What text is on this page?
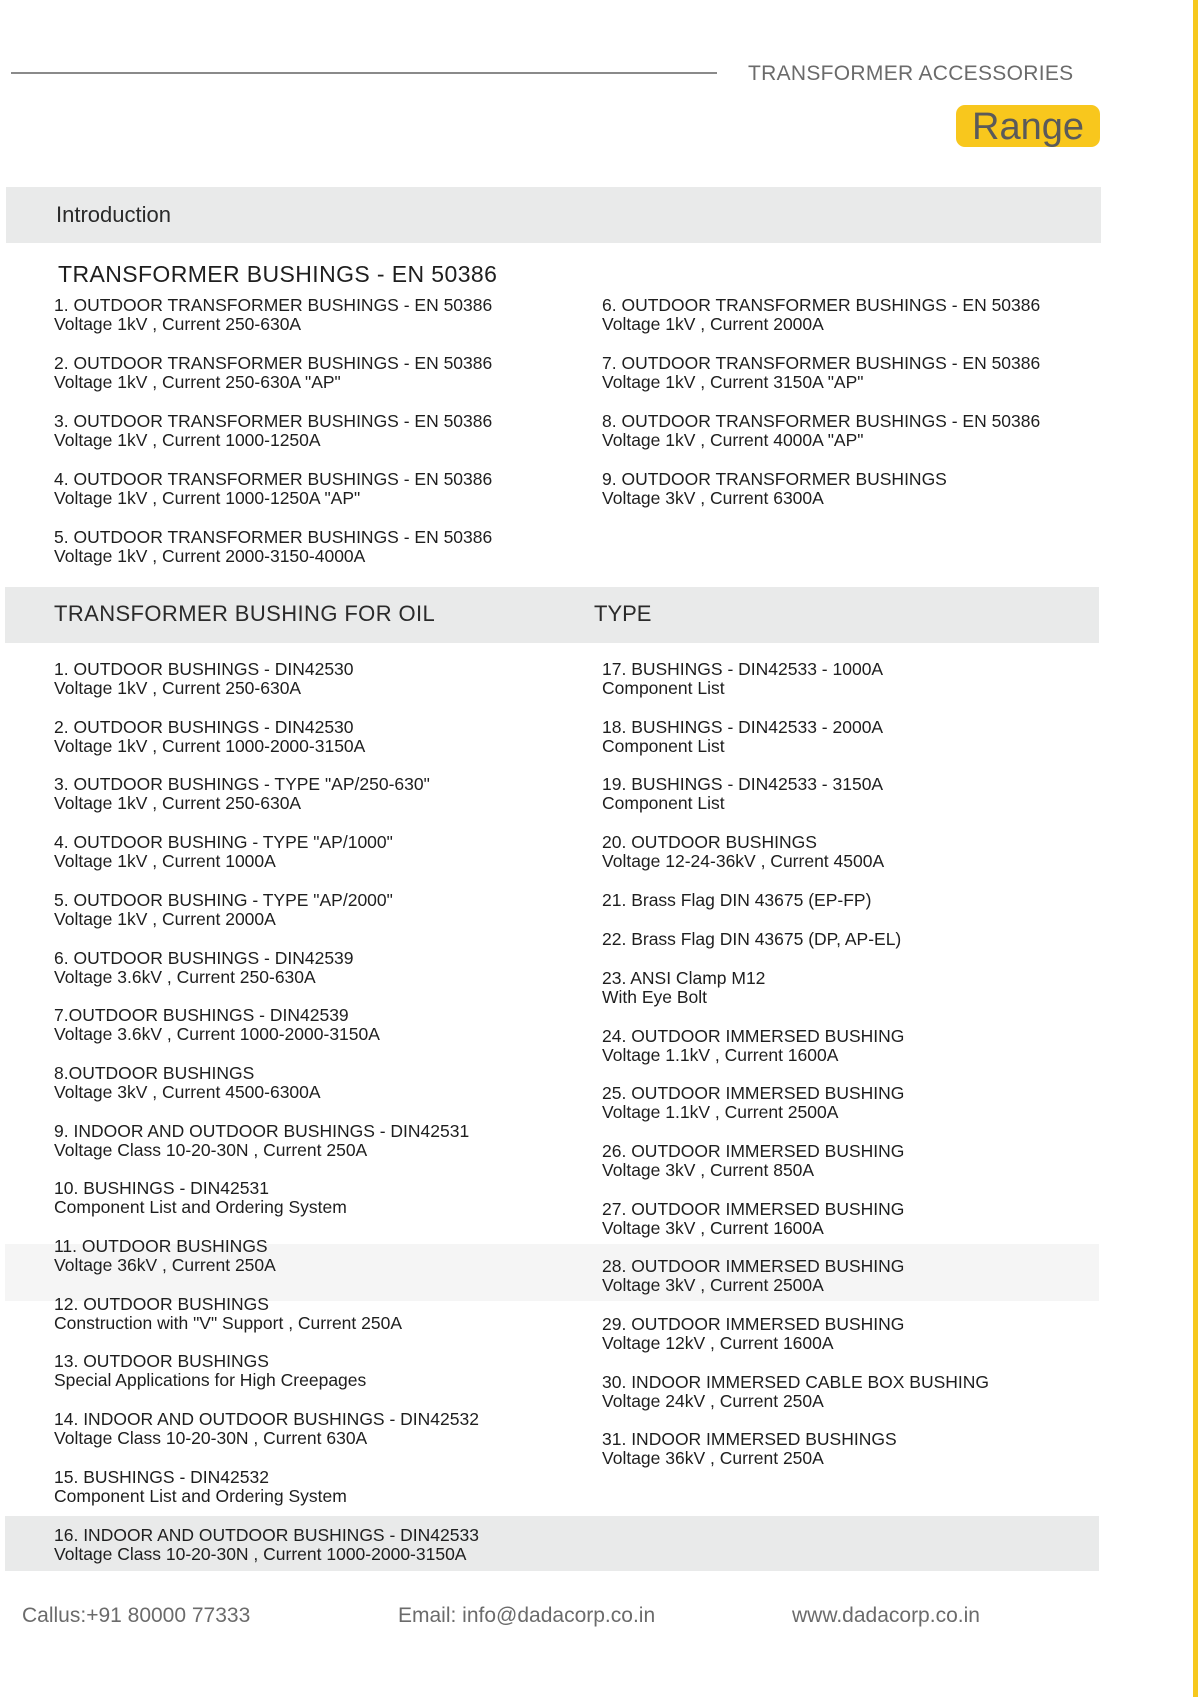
TRANSFORMER ACCESSORIES
Range
Introduction
TRANSFORMER BUSHINGS - EN 50386
1. OUTDOOR TRANSFORMER BUSHINGS - EN 50386
Voltage 1kV , Current 250-630A
2. OUTDOOR TRANSFORMER BUSHINGS - EN 50386
Voltage 1kV , Current 250-630A "AP"
3. OUTDOOR TRANSFORMER BUSHINGS - EN 50386
Voltage 1kV , Current 1000-1250A
4. OUTDOOR TRANSFORMER BUSHINGS - EN 50386
Voltage 1kV , Current 1000-1250A "AP"
5. OUTDOOR TRANSFORMER BUSHINGS - EN 50386
Voltage 1kV , Current 2000-3150-4000A
6. OUTDOOR TRANSFORMER BUSHINGS - EN 50386
Voltage 1kV , Current 2000A
7. OUTDOOR TRANSFORMER BUSHINGS - EN 50386
Voltage 1kV , Current 3150A "AP"
8. OUTDOOR TRANSFORMER BUSHINGS - EN 50386
Voltage 1kV , Current 4000A "AP"
9. OUTDOOR TRANSFORMER BUSHINGS
Voltage 3kV , Current 6300A
TRANSFORMER BUSHING FOR OIL	TYPE
1. OUTDOOR BUSHINGS - DIN42530
Voltage 1kV , Current 250-630A
2. OUTDOOR BUSHINGS - DIN42530
Voltage 1kV , Current 1000-2000-3150A
3. OUTDOOR BUSHINGS - TYPE "AP/250-630"
Voltage 1kV , Current 250-630A
4. OUTDOOR BUSHING - TYPE "AP/1000"
Voltage 1kV , Current 1000A
5. OUTDOOR BUSHING - TYPE "AP/2000"
Voltage 1kV , Current 2000A
6. OUTDOOR BUSHINGS - DIN42539
Voltage 3.6kV , Current 250-630A
7.OUTDOOR BUSHINGS - DIN42539
Voltage 3.6kV , Current 1000-2000-3150A
8.OUTDOOR BUSHINGS
Voltage 3kV , Current 4500-6300A
9. INDOOR AND OUTDOOR BUSHINGS - DIN42531
Voltage Class 10-20-30N , Current 250A
10. BUSHINGS - DIN42531
Component List and Ordering System
11. OUTDOOR BUSHINGS
Voltage 36kV , Current 250A
12. OUTDOOR BUSHINGS
Construction with "V" Support , Current 250A
13. OUTDOOR BUSHINGS
Special Applications for High Creepages
14. INDOOR AND OUTDOOR BUSHINGS - DIN42532
Voltage Class 10-20-30N , Current 630A
15. BUSHINGS - DIN42532
Component List and Ordering System
16. INDOOR AND OUTDOOR BUSHINGS - DIN42533
Voltage Class 10-20-30N , Current 1000-2000-3150A
17. BUSHINGS - DIN42533 - 1000A
Component List
18. BUSHINGS - DIN42533 - 2000A
Component List
19. BUSHINGS - DIN42533 - 3150A
Component List
20. OUTDOOR BUSHINGS
Voltage 12-24-36kV , Current 4500A
21. Brass Flag DIN 43675 (EP-FP)
22. Brass Flag DIN 43675 (DP, AP-EL)
23. ANSI Clamp M12
With Eye Bolt
24. OUTDOOR IMMERSED BUSHING
Voltage 1.1kV , Current 1600A
25. OUTDOOR IMMERSED BUSHING
Voltage 1.1kV , Current 2500A
26. OUTDOOR IMMERSED BUSHING
Voltage 3kV , Current 850A
27. OUTDOOR IMMERSED BUSHING
Voltage 3kV , Current 1600A
28. OUTDOOR IMMERSED BUSHING
Voltage 3kV , Current 2500A
29. OUTDOOR IMMERSED BUSHING
Voltage 12kV , Current 1600A
30. INDOOR IMMERSED CABLE BOX BUSHING
Voltage 24kV , Current 250A
31. INDOOR IMMERSED BUSHINGS
Voltage 36kV , Current 250A
Callus:+91 80000 77333	Email: info@dadacorp.co.in	www.dadacorp.co.in
